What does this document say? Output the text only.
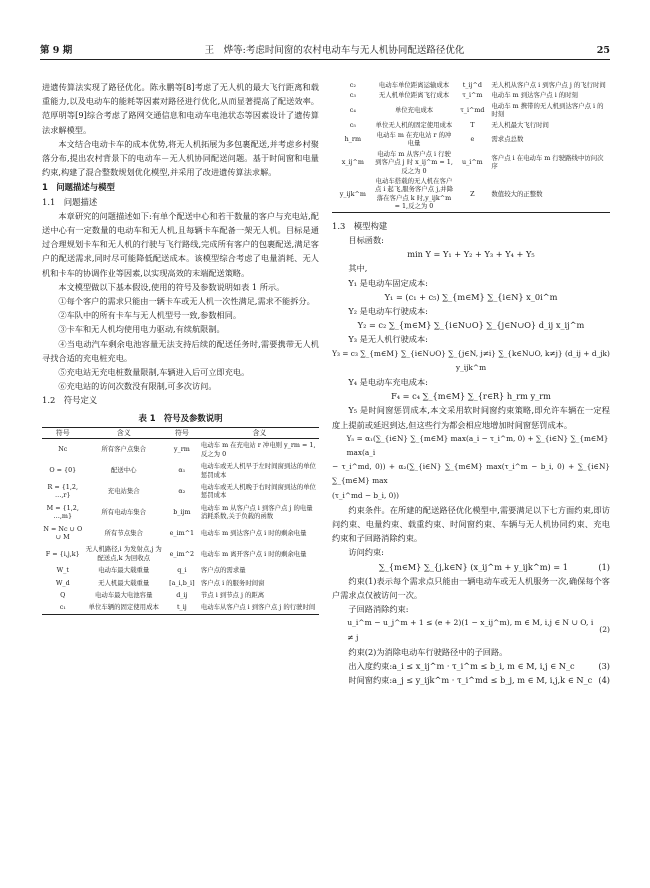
第 9 期	王　烨等:考虑时间窗的农村电动车与无人机协同配送路径优化	25

进遗传算法实现了路径优化。陈永鹏等[8]考虑了无人机的最大飞行距离和载重能力,以及电动车的能耗等因素对路径进行优化,从而显著提高了配送效率。范厚明等[9]综合考虑了路网交通信息和电动车电池状态等因素设计了遗传算法求解模型。

本文结合电动卡车的成本优势,将无人机拓展为多包裹配送,并考虑乡村聚落分布,提出农村背景下的电动车－无人机协同配送问题。基于时间窗和电量约束,构建了混合整数规划优化模型,并采用了改进遗传算法求解。

1　问题描述与模型

1.1　问题描述

本章研究的问题描述如下:有单个配送中心和若干数量的客户与充电站,配送中心有一定数量的电动车和无人机,且每辆卡车配备一架无人机。目标是通过合理规划卡车和无人机的行驶与飞行路线,完成所有客户的包裹配送,满足客户的配送需求,同时尽可能降低配送成本。该模型综合考虑了电量消耗、无人机和卡车的协调作业等因素,以实现高效的末端配送策略。

本文模型做以下基本假设,使用的符号及参数说明如表 1 所示。

①每个客户的需求只能由一辆卡车或无人机一次性满足,需求不能拆分。

②车队中的所有卡车与无人机型号一致,参数相同。

③卡车和无人机均使用电力驱动,有续航限制。

④当电动汽车剩余电池容量无法支持后续的配送任务时,需要携带无人机寻找合适的充电桩充电。

⑤充电站无充电桩数量限制,车辆进入后可立即充电。

⑥充电站的访问次数没有限制,可多次访问。

1.2　符号定义

表 1　符号及参数说明

符号	含义	符号	含义
Nc	所有客户点集合	y_rm	电动车 m 在充电站 r 冲电则 y_rm = 1,反之为 0
O = {0}	配送中心	α₁	电动车或无人机早于左时间窗到达的单位惩罚成本
R = {1,2, …,r}	充电站集合	α₂	电动车或无人机晚于右时间窗到达的单位惩罚成本
M = {1,2, …,m}	所有电动车集合	b_ijm	电动车 m 从客户点 i 到客户点 j 的电量消耗系数,关于负载的函数
N = Nc ∪ O ∪ M	所有节点集合	e_im^1	电动车 m 到达客户点 i 时的剩余电量
F = {i,j,k}	无人机路径,i 为发射点,j 为配送点,k 为回收点	e_im^2	电动车 m 离开客户点 i 时的剩余电量
W_t	电动车最大载重量	q_i	客户点的需求量
W_d	无人机最大载重量	[a_i,b_i]	客户点 i 的服务时间窗
Q	电动车最大电池容量	d_ij	节点 i 到节点 j 的距离
c₁	单位车辆的固定使用成本	t_ij	电动车从客户点 i 到客户点 j 的行驶时间
c₂	电动车单位距离运输成本	t_ij^d	无人机从客户点 i 到客户点 j 的飞行时间
c₃	无人机单位距离飞行成本	τ_i^m	电动车 m 到达客户点 i 的时刻
c₄	单位充电成本	τ_i^md	电动车 m 携带的无人机到达客户点 i 的时刻
c₅	单位无人机的固定使用成本	T	无人机最大飞行时间
h_rm	电动车 m 在充电站 r 的冲电量	e	需求点总数
x_ij^m	电动车 m 从客户点 i 行驶到客户点 j 时 x_ij^m = 1,反之为 0	u_i^m	客户点 i 在电动车 m 行驶路线中访问次序
y_ijk^m	电动车搭载的无人机在客户点 i 起飞,服务客户点 j,并降落在客户点 k 时,y_ijk^m = 1,反之为 0	Z	数值较大的正整数

1.3　模型构建

目标函数:

min Y = Y₁ + Y₂ + Y₃ + Y₄ + Y₅

其中,

Y₁ 是电动车固定成本:

Y₁ = (c₁ + c₅) ∑_{m∈M} ∑_{i∈N} x_0i^m

Y₂ 是电动车行驶成本:

Y₂ = c₂ ∑_{m∈M} ∑_{i∈N∪O} ∑_{j∈N∪O} d_ij x_ij^m

Y₃ 是无人机行驶成本:

Y₃ = c₃ ∑_{m∈M} ∑_{i∈N∪O} ∑_{j∈N, j≠i} ∑_{k∈N∪O, k≠j} (d_ij + d_jk) y_ijk^m

Y₄ 是电动车充电成本:

F₄ = c₄ ∑_{m∈M} ∑_{r∈R} h_rm y_rm

Y₅ 是时间窗惩罚成本,本文采用软时间窗约束策略,即允许车辆在一定程度上提前或延迟到达,但这些行为都会相应地增加时间窗惩罚成本。

Y₅ = α₁(∑_{i∈N} ∑_{m∈M} max(a_i − τ_i^m, 0) + ∑_{i∈N} ∑_{m∈M} max(a_i

− τ_i^md, 0)) + α₂(∑_{i∈N} ∑_{m∈M} max(τ_i^m − b_i, 0) + ∑_{i∈N} ∑_{m∈M} max

(τ_i^md − b_i, 0))

约束条件。在所建的配送路径优化模型中,需要满足以下七方面约束,即访问约束、电量约束、载重约束、时间窗约束、车辆与无人机协同约束、充电约束和子回路消除约束。

访问约束:

∑_{m∈M} ∑_{j,k∈N} (x_ij^m + y_ijk^m) = 1	(1)

约束(1)表示每个需求点只能由一辆电动车或无人机服务一次,确保每个客户需求点仅被访问一次。

子回路消除约束:

u_i^m − u_j^m + 1 ≤ (e + 2)(1 − x_ij^m), m ∈ M, i,j ∈ N ∪ O, i ≠ j
(2)

约束(2)为消除电动车行驶路径中的子回路。

出入度约束:a_i ≤ x_ij^m · τ_i^m ≤ b_i, m ∈ M, i,j ∈ N_c	(3)
时间窗约束:a_j ≤ y_ijk^m · τ_i^md ≤ b_j, m ∈ M, i,j,k ∈ N_c (4)
